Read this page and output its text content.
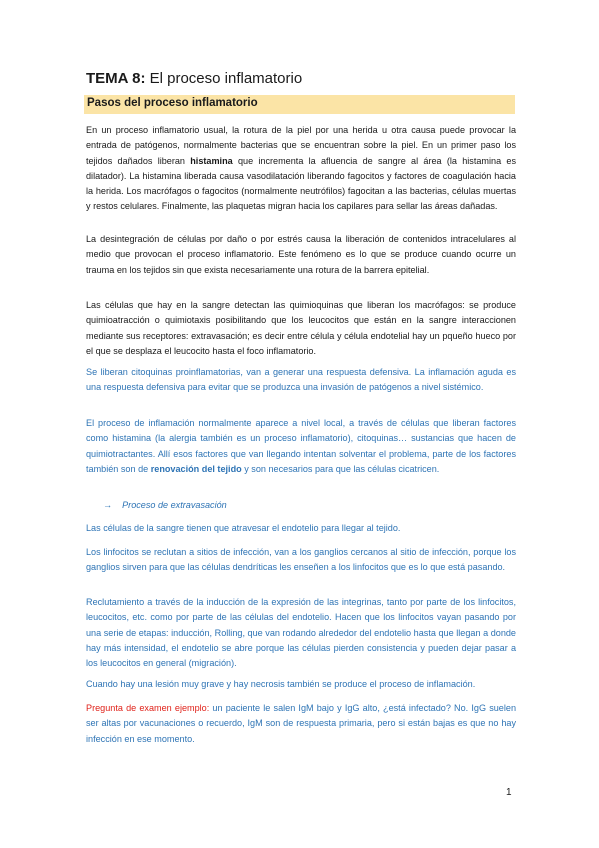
TEMA 8: El proceso inflamatorio
Pasos del proceso inflamatorio

En un proceso inflamatorio usual, la rotura de la piel por una herida u otra causa puede provocar la entrada de patógenos, normalmente bacterias que se encuentran sobre la piel. En un primer paso los tejidos dañados liberan histamina que incrementa la afluencia de sangre al área (la histamina es dilatador). La histamina liberada causa vasodilatación liberando fagocitos y factores de coagulación hacia la herida. Los macrófagos o fagocitos (normalmente neutrófilos) fagocitan a las bacterias, células muertas y restos celulares. Finalmente, las plaquetas migran hacia los capilares para sellar las áreas dañadas.

La desintegración de células por daño o por estrés causa la liberación de contenidos intracelulares al medio que provocan el proceso inflamatorio. Este fenómeno es lo que se produce cuando ocurre un trauma en los tejidos sin que exista necesariamente una rotura de la barrera epitelial.

Las células que hay en la sangre detectan las quimioquinas que liberan los macrófagos: se produce quimioatracción o quimiotaxis posibilitando que los leucocitos que están en la sangre interaccionen mediante sus receptores: extravasación; es decir entre célula y célula endotelial hay un pqueño hueco por el que se desplaza el leucocito hasta el foco inflamatorio.

Se liberan citoquinas proinflamatorias, van a generar una respuesta defensiva. La inflamación aguda es una respuesta defensiva para evitar que se produzca una invasión de patógenos a nivel sistémico.

El proceso de inflamación normalmente aparece a nivel local, a través de células que liberan factores como histamina (la alergia también es un proceso inflamatorio), citoquinas… sustancias que hacen de quimiotractantes. Allí esos factores que van llegando intentan solventar el problema, parte de los factores también son de renovación del tejido y son necesarios para que las células cicatricen.

→ Proceso de extravasación

Las células de la sangre tienen que atravesar el endotelio para llegar al tejido.

Los linfocitos se reclutan a sitios de infección, van a los ganglios cercanos al sitio de infección, porque los ganglios sirven para que las células dendríticas les enseñen a los linfocitos que es lo que está pasando.

Reclutamiento a través de la inducción de la expresión de las integrinas, tanto por parte de los linfocitos, leucocitos, etc. como por parte de las células del endotelio. Hacen que los linfocitos vayan pasando por una serie de etapas: inducción, Rolling, que van rodando alrededor del endotelio hasta que llegan a donde hay más intensidad, el endotelio se abre porque las células pierden consistencia y pueden dejar pasar a los leucocitos en general (migración).

Cuando hay una lesión muy grave y hay necrosis también se produce el proceso de inflamación.

Pregunta de examen ejemplo: un paciente le salen IgM bajo y IgG alto, ¿está infectado? No. IgG suelen ser altas por vacunaciones o recuerdo, IgM son de respuesta primaria, pero si están bajas es que no hay infección en ese momento.

1
